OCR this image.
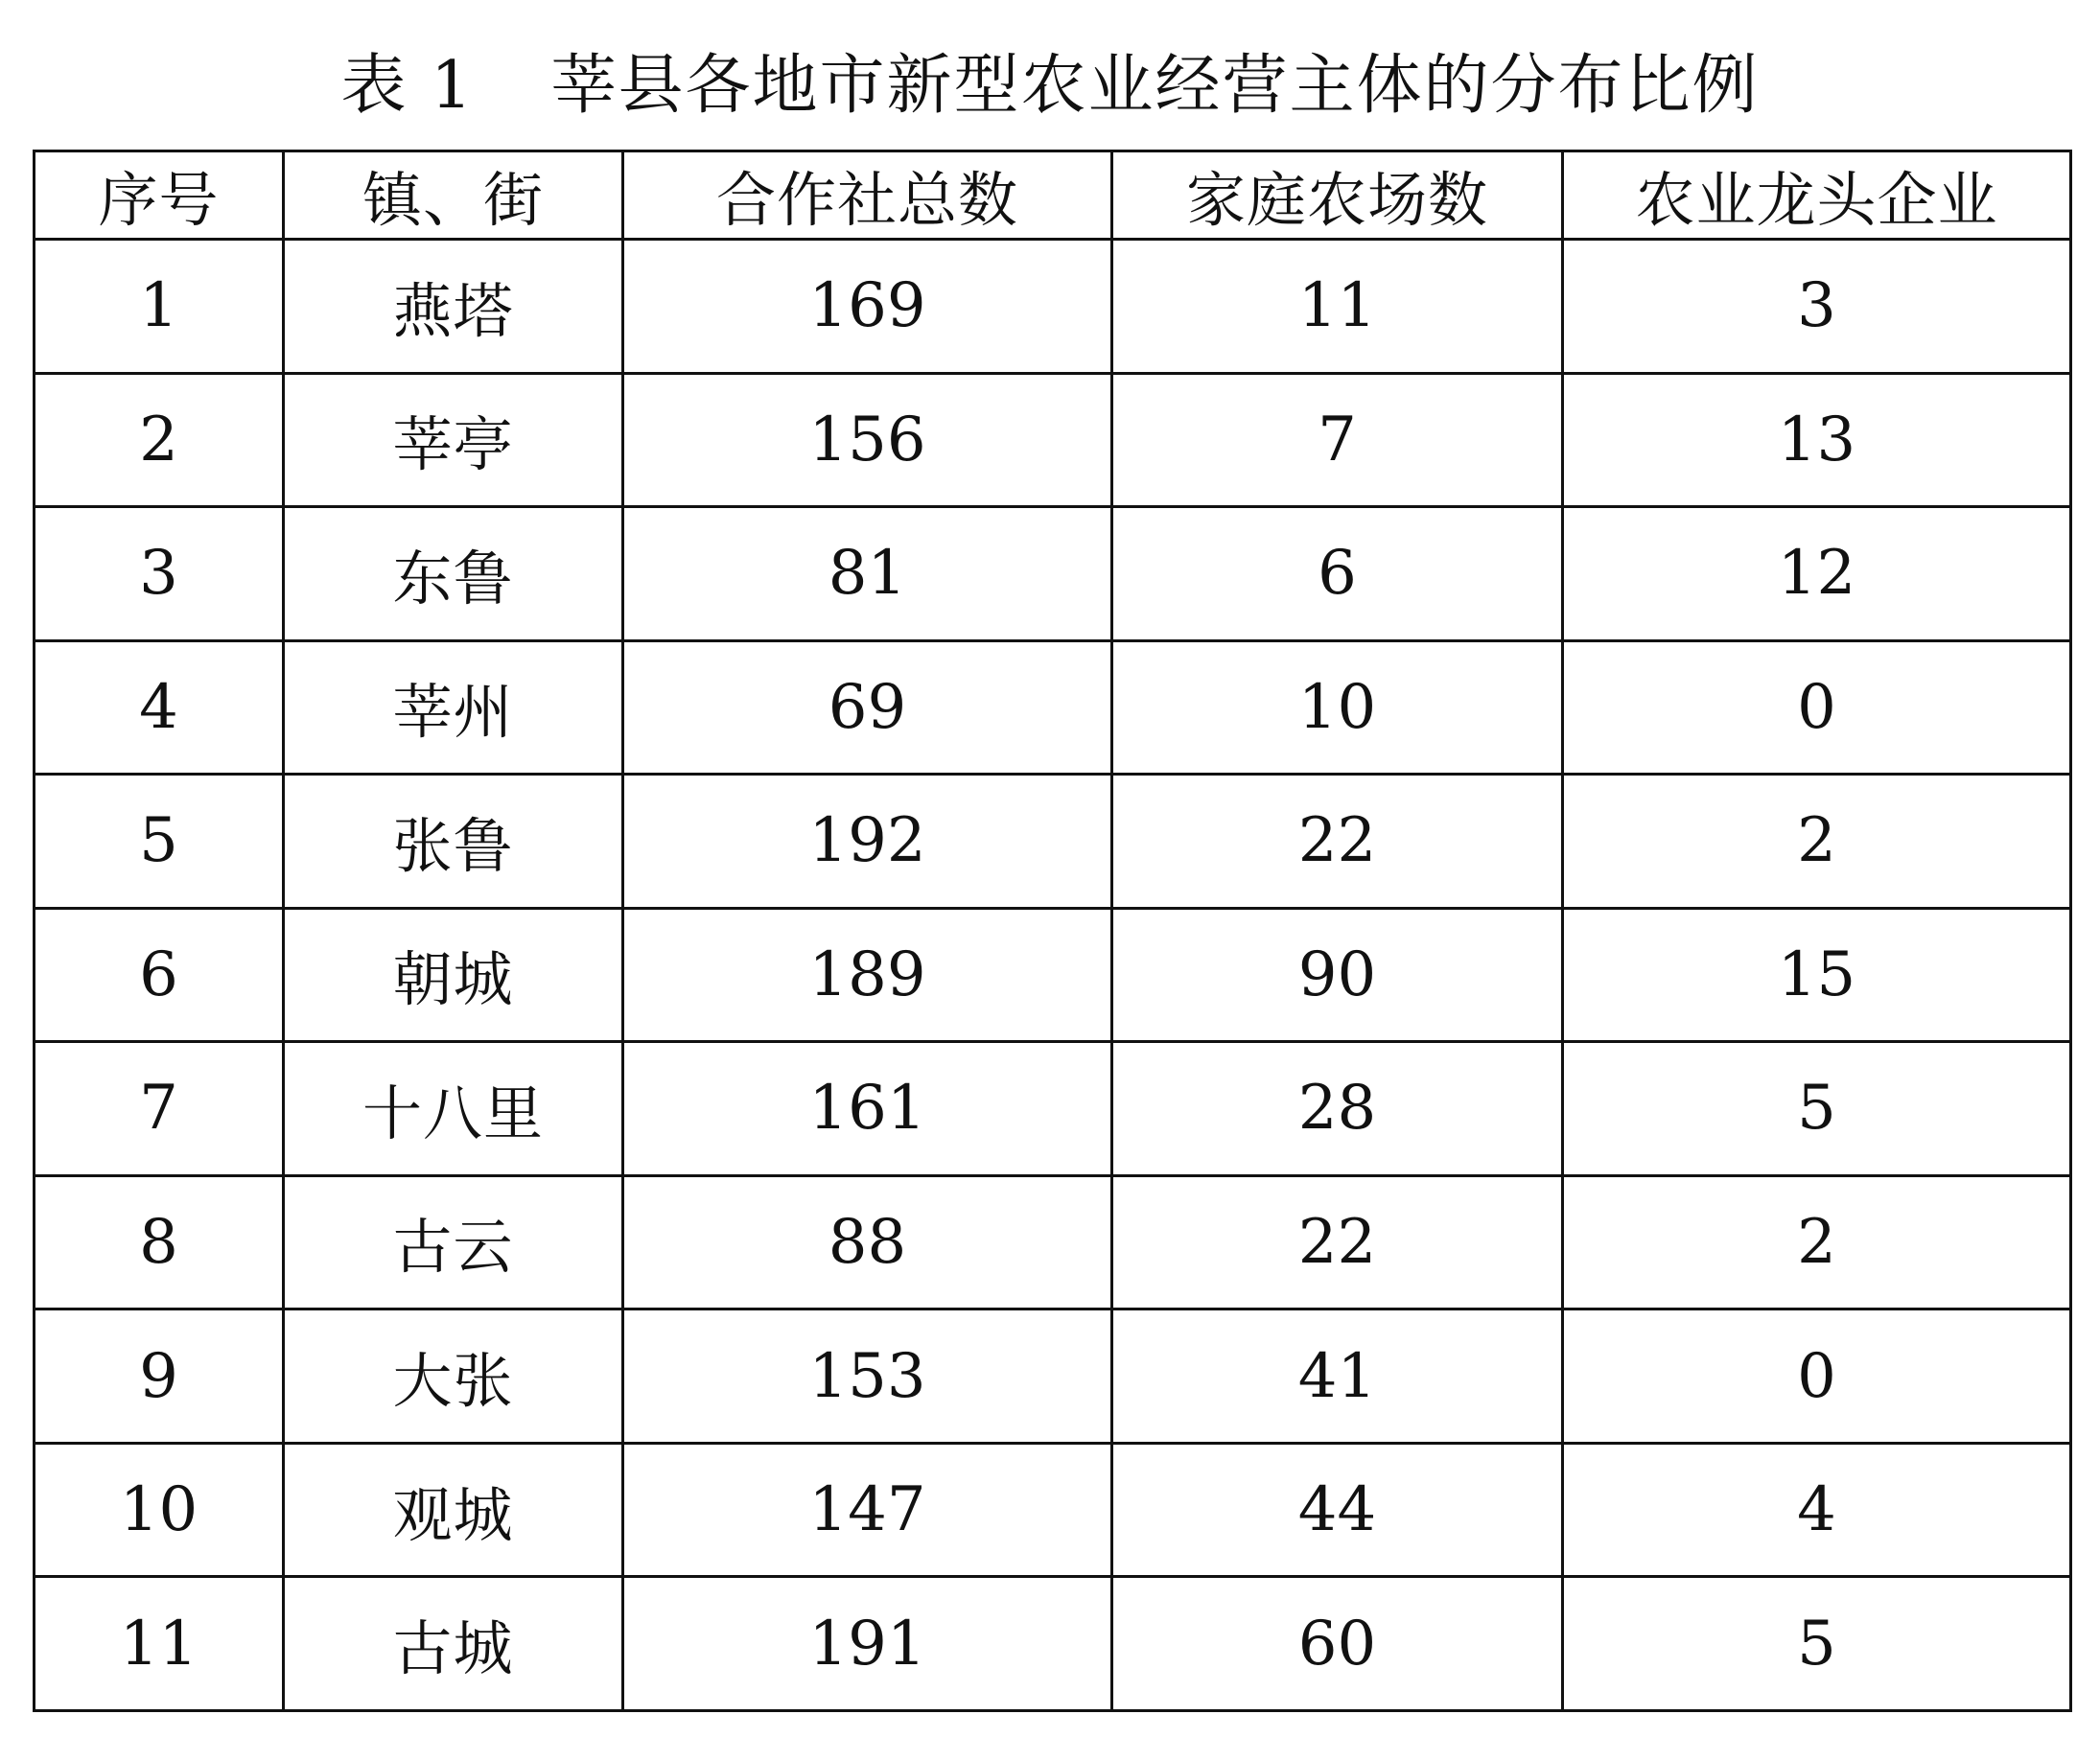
表 1 莘县各地市新型农业经营主体的分布比例
序号	镇、街	合作社总数	家庭农场数	农业龙头企业
1	燕塔	169	11	3
2	莘亭	156	7	13
3	东鲁	81	6	12
4	莘州	69	10	0
5	张鲁	192	22	2
6	朝城	189	90	15
7	十八里	161	28	5
8	古云	88	22	2
9	大张	153	41	0
10	观城	147	44	4
11	古城	191	60	5
